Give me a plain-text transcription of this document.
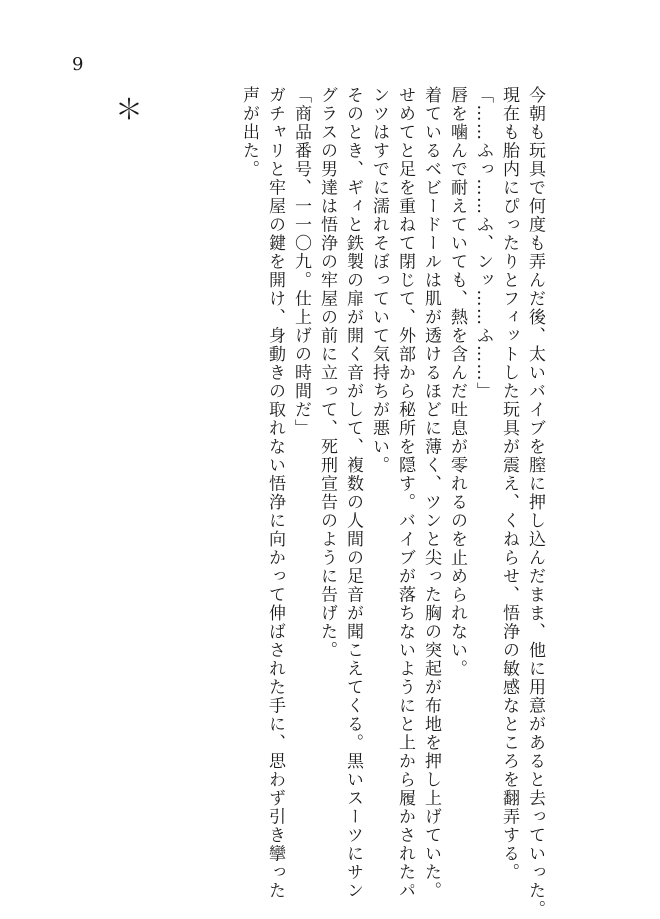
9
今朝も玩具で何度も弄んだ後、太いバイブを膣に押し込んだまま、他に用意があると去っていった。
現在も胎内にぴったりとフィットした玩具が震え、くねらせ、悟浄の敏感なところを翻弄する。
「……ふっ……ふ、ンッ……ふ……」
唇を噛んで耐えていても、熱を含んだ吐息が零れるのを止められない。
着ているベビードールは肌が透けるほどに薄く、ツンと尖った胸の突起が布地を押し上げていた。
せめてと足を重ねて閉じて、外部から秘所を隠す。バイブが落ちないようにと上から履かされたパ
ンツはすでに濡れそぼっていて気持ちが悪い。
そのとき、ギィと鉄製の扉が開く音がして、複数の人間の足音が聞こえてくる。黒いスーツにサン
グラスの男達は悟浄の牢屋の前に立って、死刑宣告のように告げた。
「商品番号、一一〇九。仕上げの時間だ」
ガチャリと牢屋の鍵を開け、身動きの取れない悟浄に向かって伸ばされた手に、思わず引き攣った
声が出た。
＊
